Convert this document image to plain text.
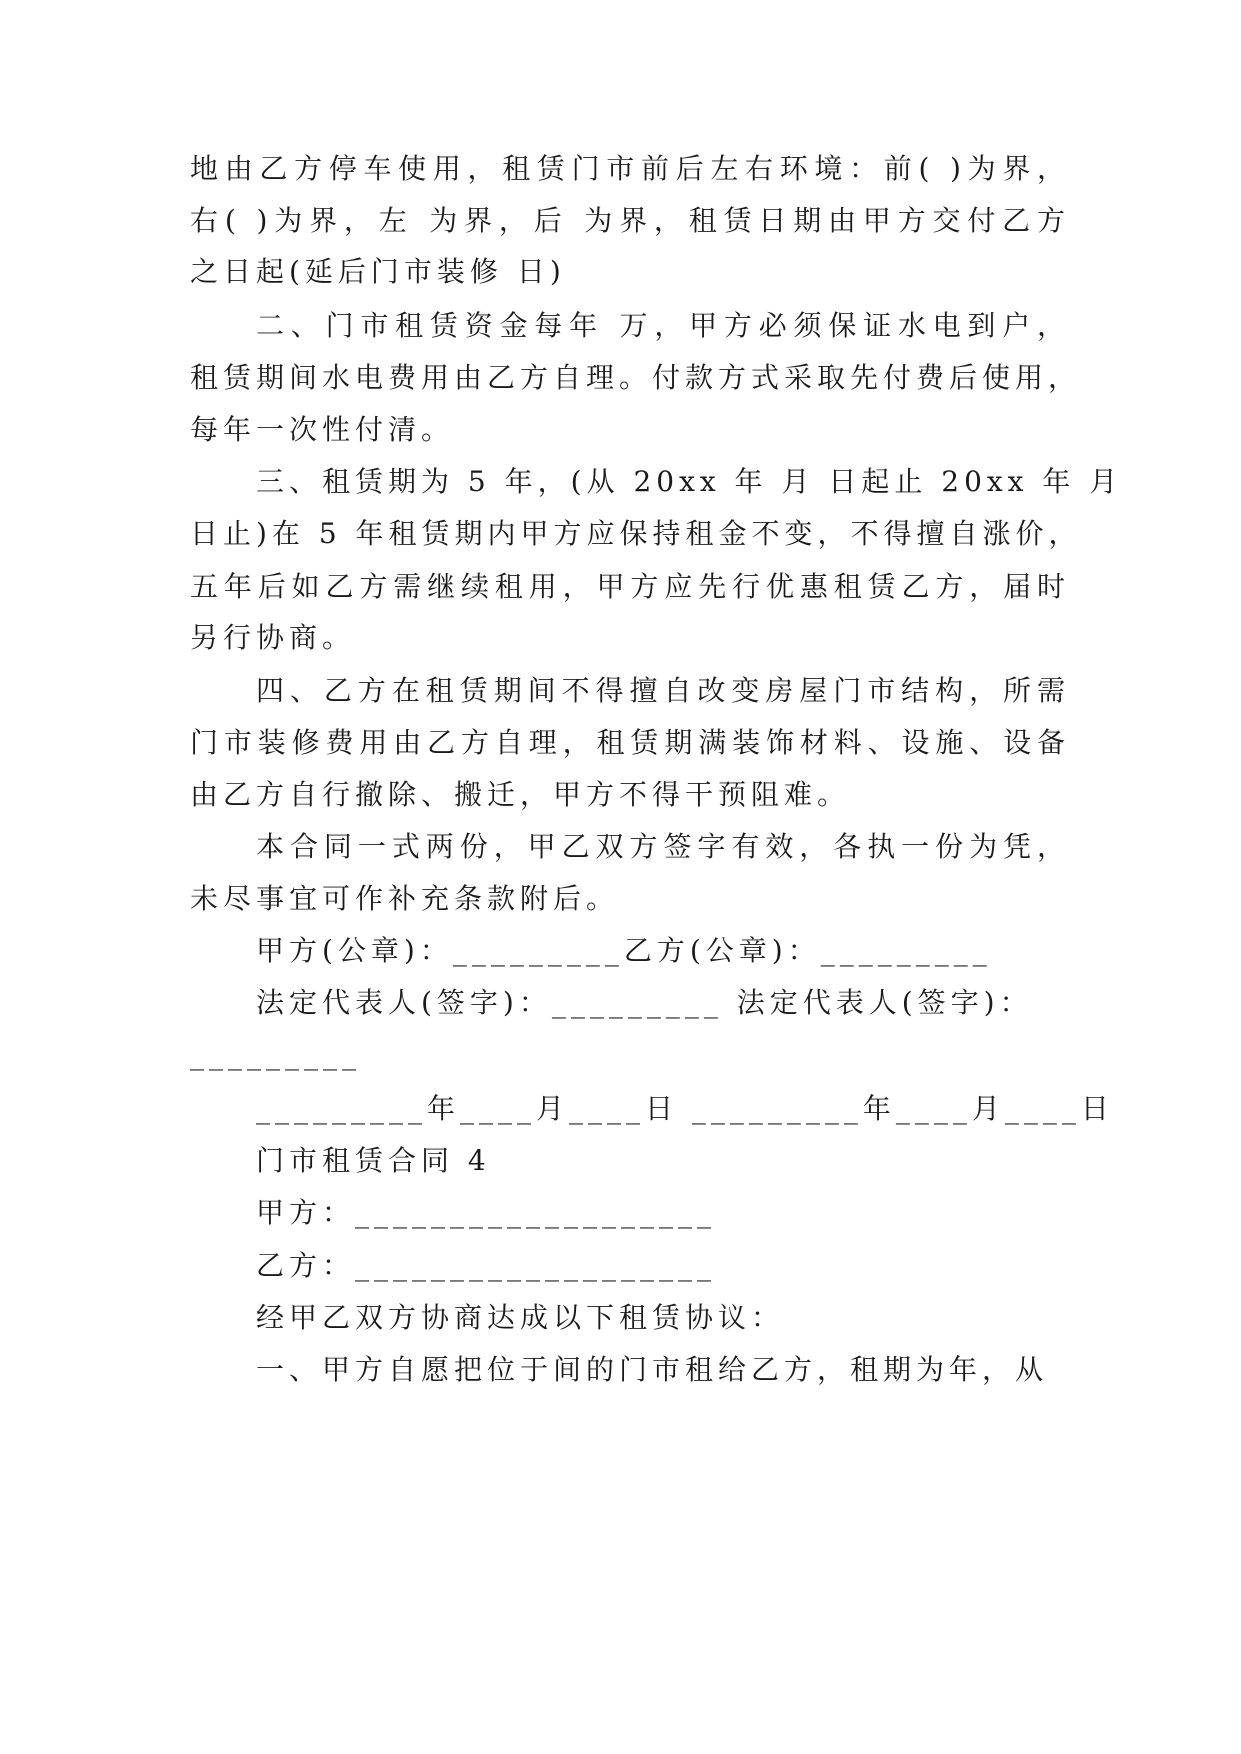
地由乙方停车使用，租赁门市前后左右环境：前( )为界，
右( )为界，左 为界，后 为界，租赁日期由甲方交付乙方
之日起(延后门市装修 日)
二、门市租赁资金每年 万，甲方必须保证水电到户，
租赁期间水电费用由乙方自理。付款方式采取先付费后使用，
每年一次性付清。
三、租赁期为 5 年，(从 20xx 年 月 日起止 20xx 年 月
日止)在 5 年租赁期内甲方应保持租金不变，不得擅自涨价，
五年后如乙方需继续租用，甲方应先行优惠租赁乙方，届时
另行协商。
四、乙方在租赁期间不得擅自改变房屋门市结构，所需
门市装修费用由乙方自理，租赁期满装饰材料、设施、设备
由乙方自行撤除、搬迁，甲方不得干预阻难。
本合同一式两份，甲乙双方签字有效，各执一份为凭，
未尽事宜可作补充条款附后。
甲方(公章)：_________乙方(公章)：_________
法定代表人(签字)：_________ 法定代表人(签字)：
_________
_________年____月____日 _________年____月____日
门市租赁合同 4
甲方：___________________
乙方：___________________
经甲乙双方协商达成以下租赁协议：
一、甲方自愿把位于间的门市租给乙方，租期为年，从
